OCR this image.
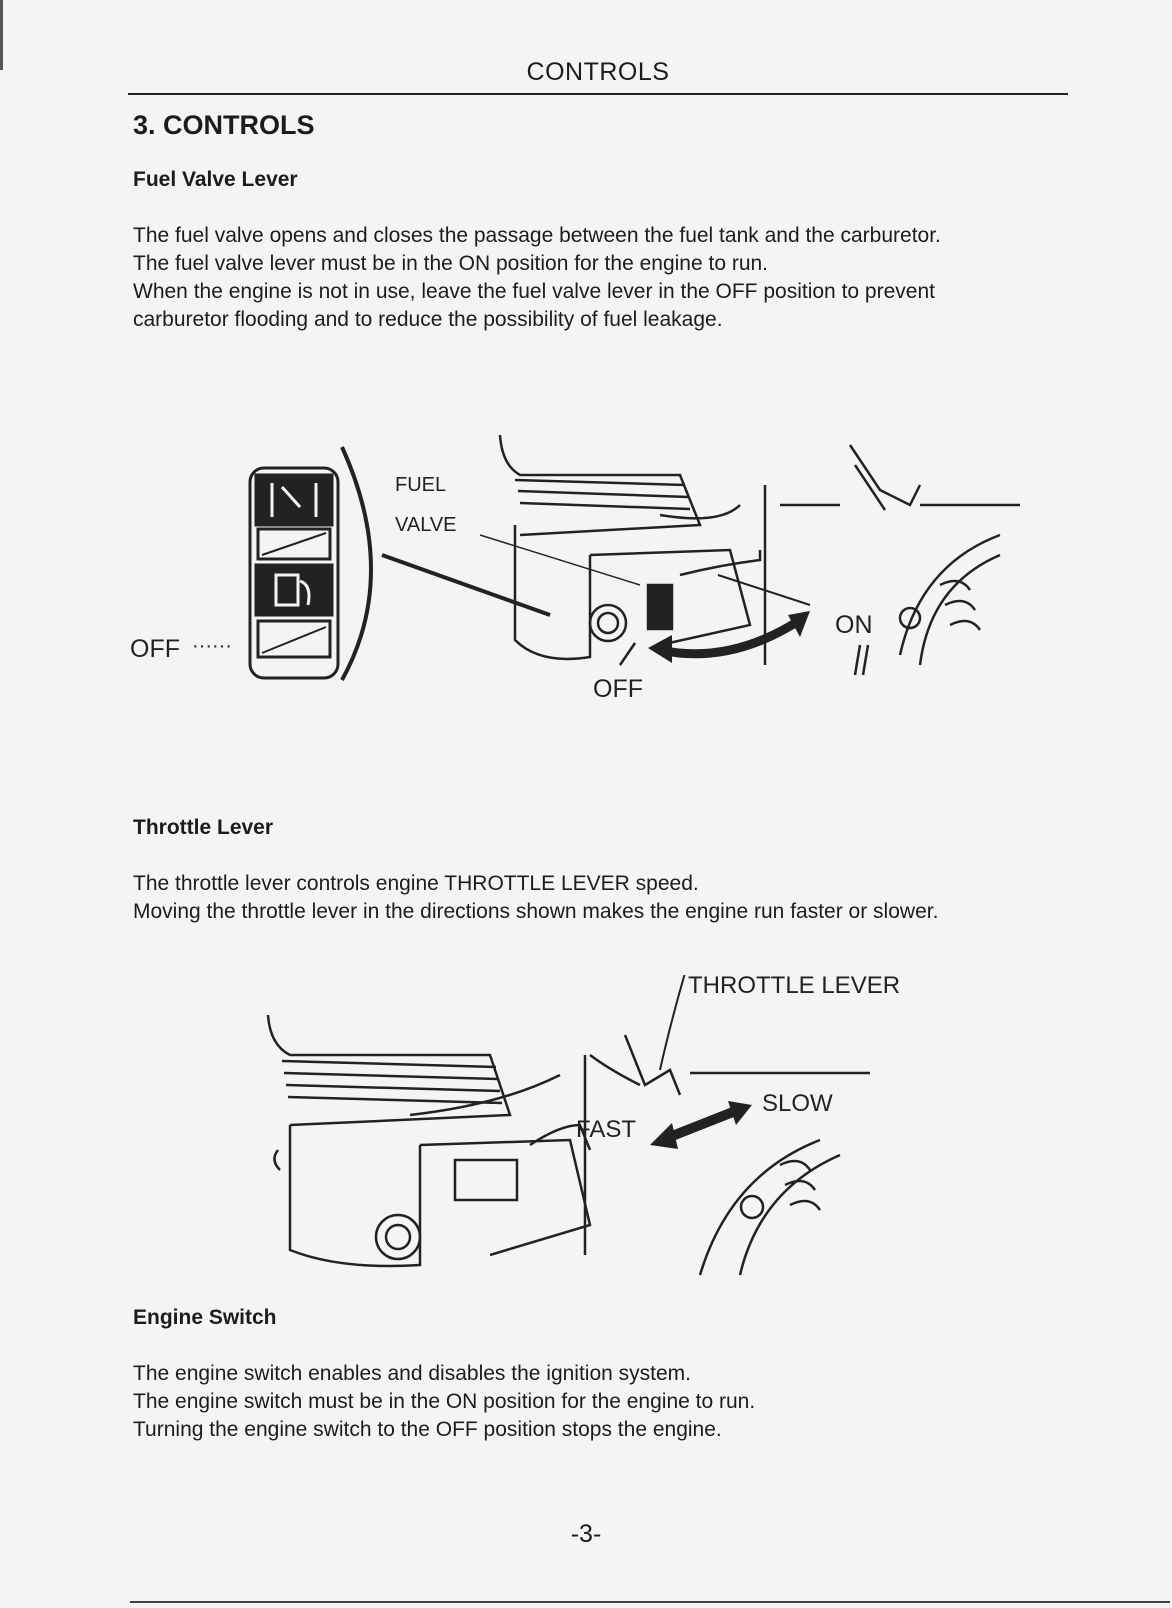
CONTROLS
3. CONTROLS
Fuel Valve Lever
The fuel valve opens and closes the passage between the fuel tank and the carburetor.
The fuel valve lever must be in the ON position for the engine to run.
When the engine is not in use, leave the fuel valve lever in the OFF position to prevent
carburetor flooding and to reduce the possibility of fuel leakage.
FUEL
VALVE
OFF ······
ON
OFF
Throttle Lever
The throttle lever controls engine THROTTLE LEVER speed.
Moving the throttle lever in the directions shown makes the engine run faster or slower.
THROTTLE LEVER
FAST
SLOW
Engine Switch
The engine switch enables and disables the ignition system.
The engine switch must be in the ON position for the engine to run.
Turning the engine switch to the OFF position stops the engine.
-3-
